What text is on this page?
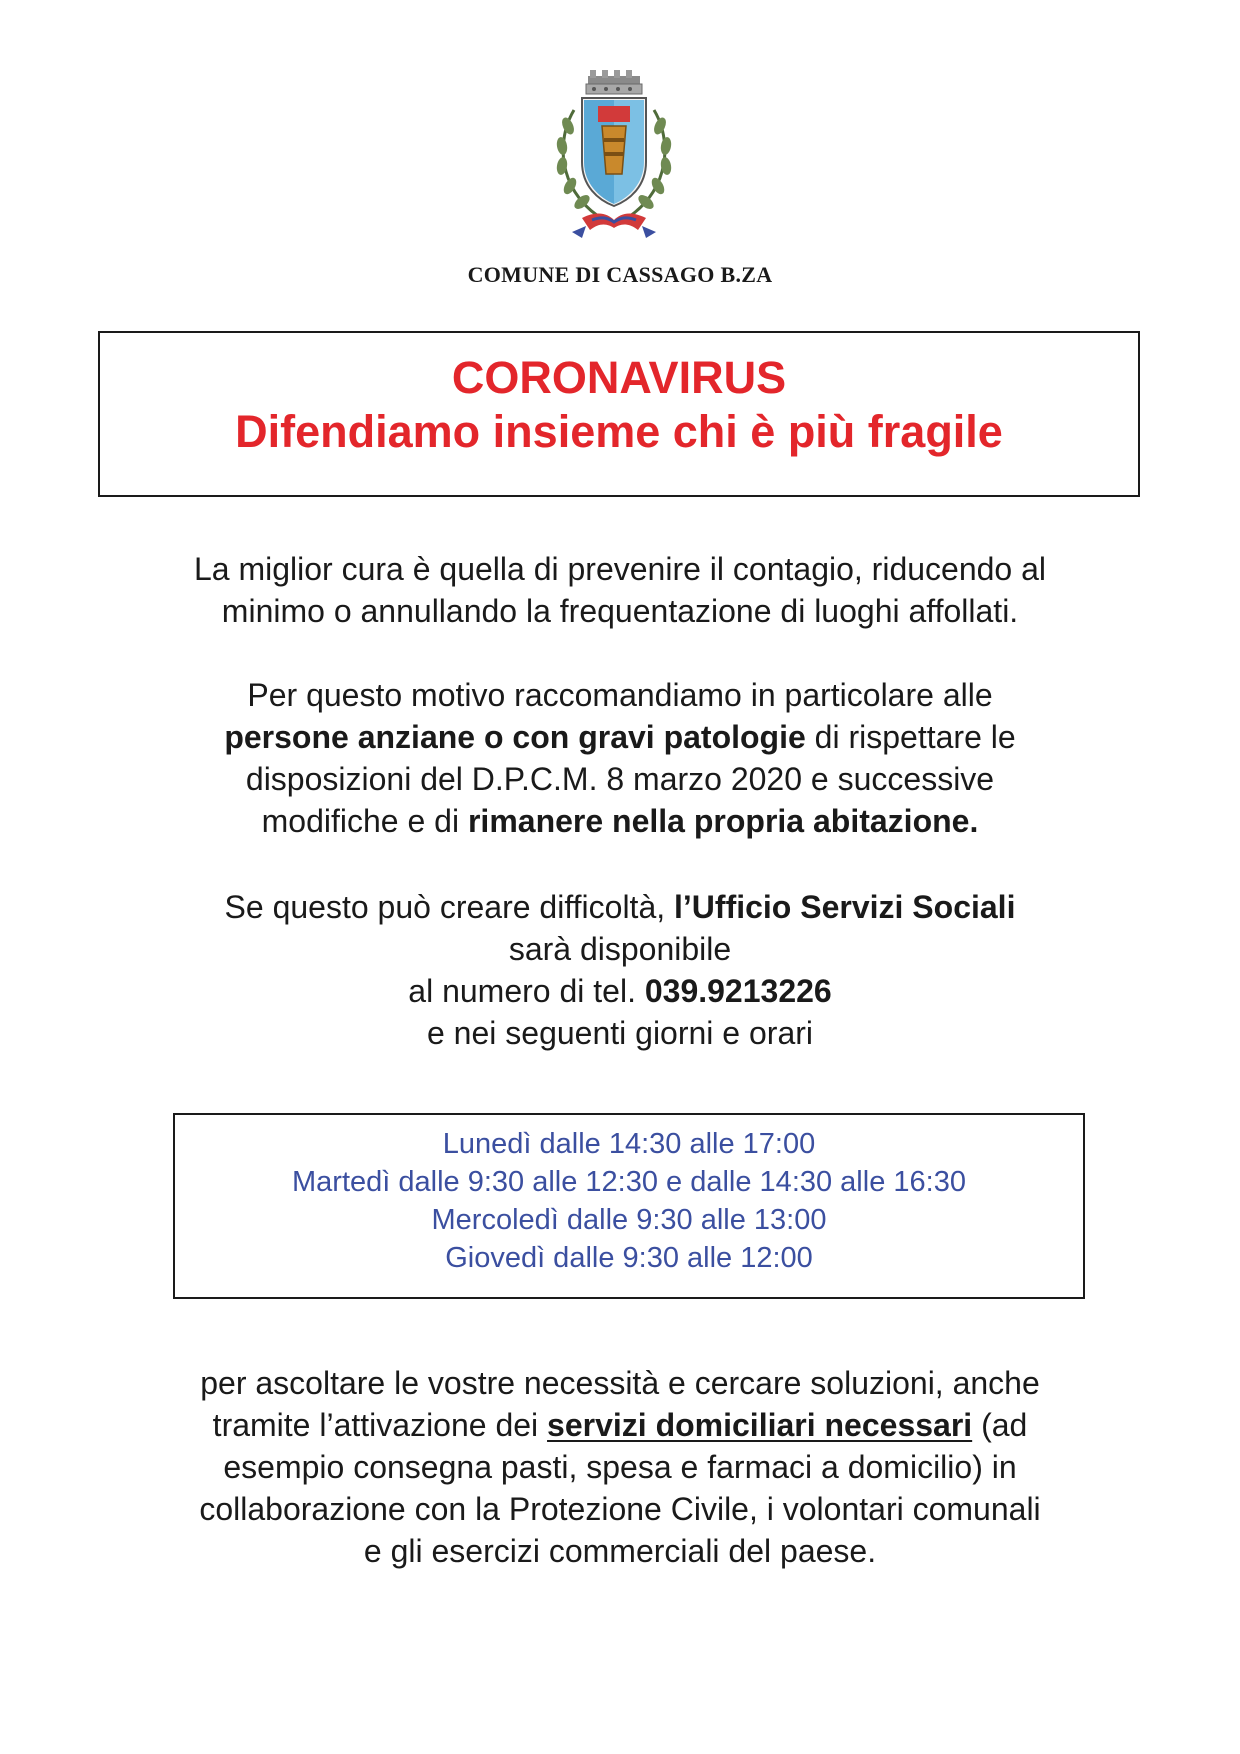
COMUNE DI CASSAGO B.ZA
CORONAVIRUS
Difendiamo insieme chi è più fragile
La miglior cura è quella di prevenire il contagio, riducendo al
minimo o annullando la frequentazione di luoghi affollati.
Per questo motivo raccomandiamo in particolare alle
persone anziane o con gravi patologie di rispettare le
disposizioni del D.P.C.M. 8 marzo 2020 e successive
modifiche e di rimanere nella propria abitazione.
Se questo può creare difficoltà, l’Ufficio Servizi Sociali
sarà disponibile
al numero di tel. 039.9213226
e nei seguenti giorni e orari
Lunedì dalle 14:30 alle 17:00
Martedì dalle 9:30 alle 12:30 e dalle 14:30 alle 16:30
Mercoledì dalle 9:30 alle 13:00
Giovedì dalle 9:30 alle 12:00
per ascoltare le vostre necessità e cercare soluzioni, anche
tramite l’attivazione dei servizi domiciliari necessari (ad
esempio consegna pasti, spesa e farmaci a domicilio) in
collaborazione con la Protezione Civile, i volontari comunali
e gli esercizi commerciali del paese.
